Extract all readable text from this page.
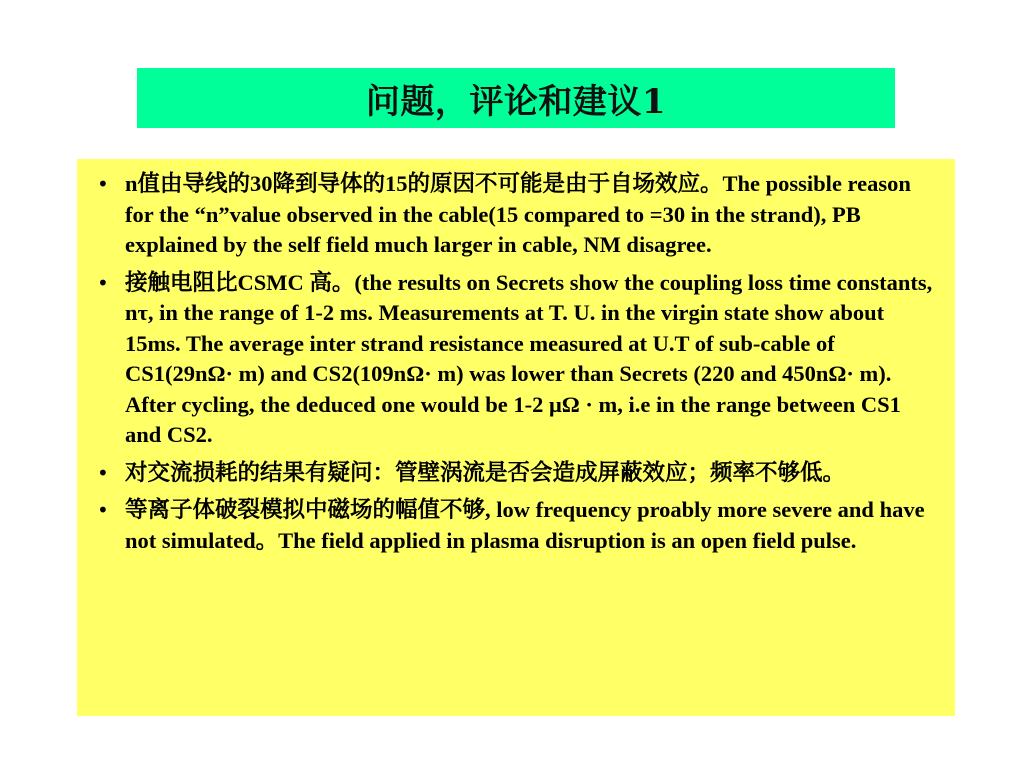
问题，评论和建议1
• n值由导线的30降到导体的15的原因不可能是由于自场效应。The possible reason for the “n”value observed in the cable(15 compared to =30 in the strand), PB explained by the self field much larger in cable, NM disagree.
• 接触电阻比CSMC 高。(the results on Secrets show the coupling loss time constants, nτ, in the range of 1-2 ms. Measurements at T. U. in the virgin state show about 15ms. The average inter strand resistance measured at U.T of sub-cable of CS1(29nΩ· m) and CS2(109nΩ· m) was lower than Secrets (220 and 450nΩ· m). After cycling, the deduced one would be 1-2 μΩ · m, i.e in the range between CS1 and CS2.
• 对交流损耗的结果有疑问：管壁涡流是否会造成屏蔽效应；频率不够低。
• 等离子体破裂模拟中磁场的幅值不够, low frequency proably more severe and have not simulated。The field applied in plasma disruption is an open field pulse.
